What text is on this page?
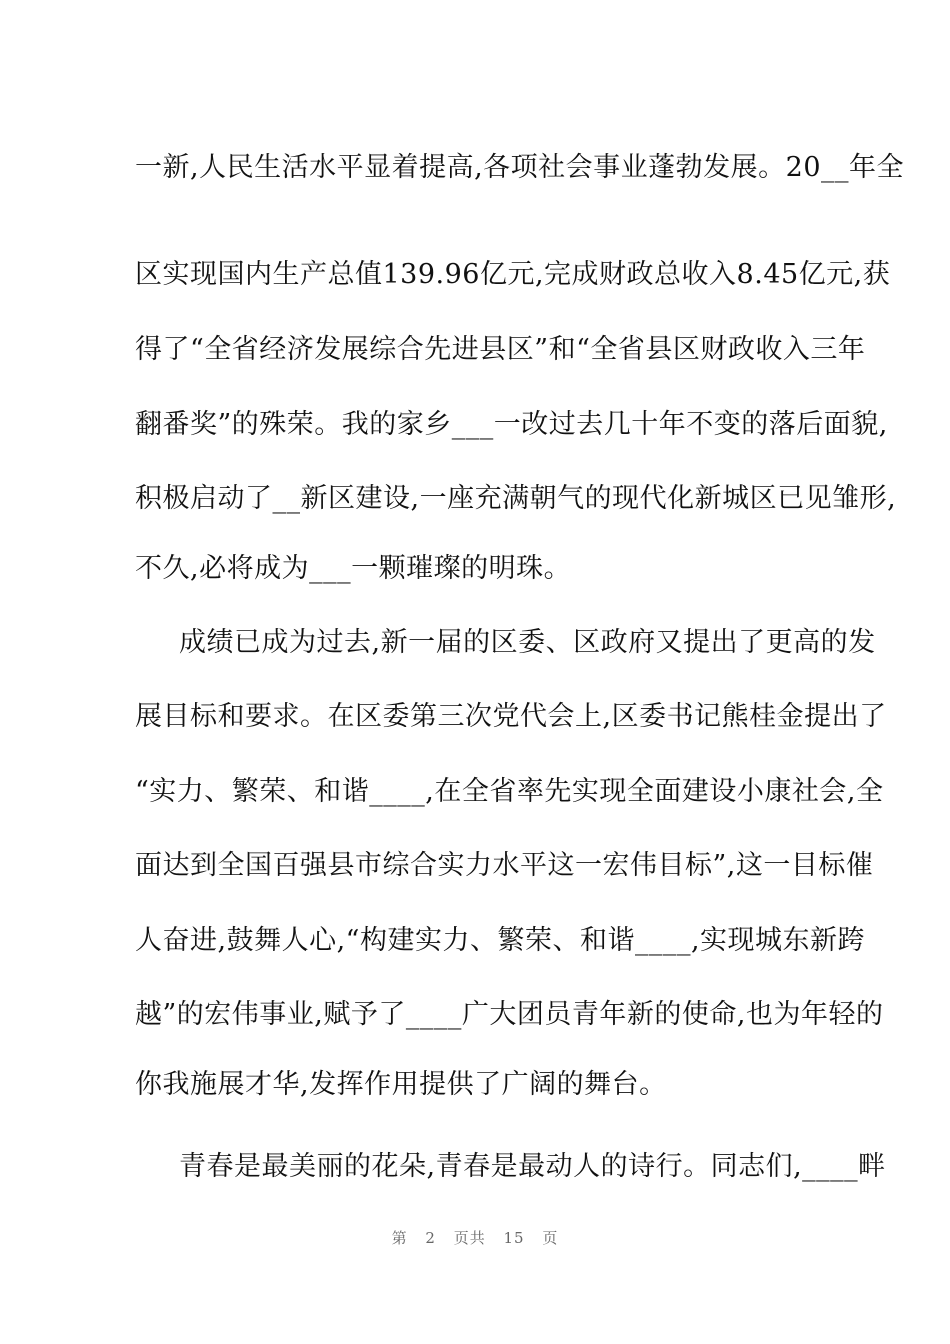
一新,人民生活水平显着提高,各项社会事业蓬勃发展。20__年全
区实现国内生产总值139.96亿元,完成财政总收入8.45亿元,获
得了“全省经济发展综合先进县区”和“全省县区财政收入三年
翻番奖”的殊荣。我的家乡___一改过去几十年不变的落后面貌,
积极启动了__新区建设,一座充满朝气的现代化新城区已见雏形,
不久,必将成为___一颗璀璨的明珠。
成绩已成为过去,新一届的区委、区政府又提出了更高的发
展目标和要求。在区委第三次党代会上,区委书记熊桂金提出了
“实力、繁荣、和谐____,在全省率先实现全面建设小康社会,全
面达到全国百强县市综合实力水平这一宏伟目标”,这一目标催
人奋进,鼓舞人心,“构建实力、繁荣、和谐____,实现城东新跨
越”的宏伟事业,赋予了____广大团员青年新的使命,也为年轻的
你我施展才华,发挥作用提供了广阔的舞台。
青春是最美丽的花朵,青春是最动人的诗行。同志们,____畔
第 2 页共 15 页
